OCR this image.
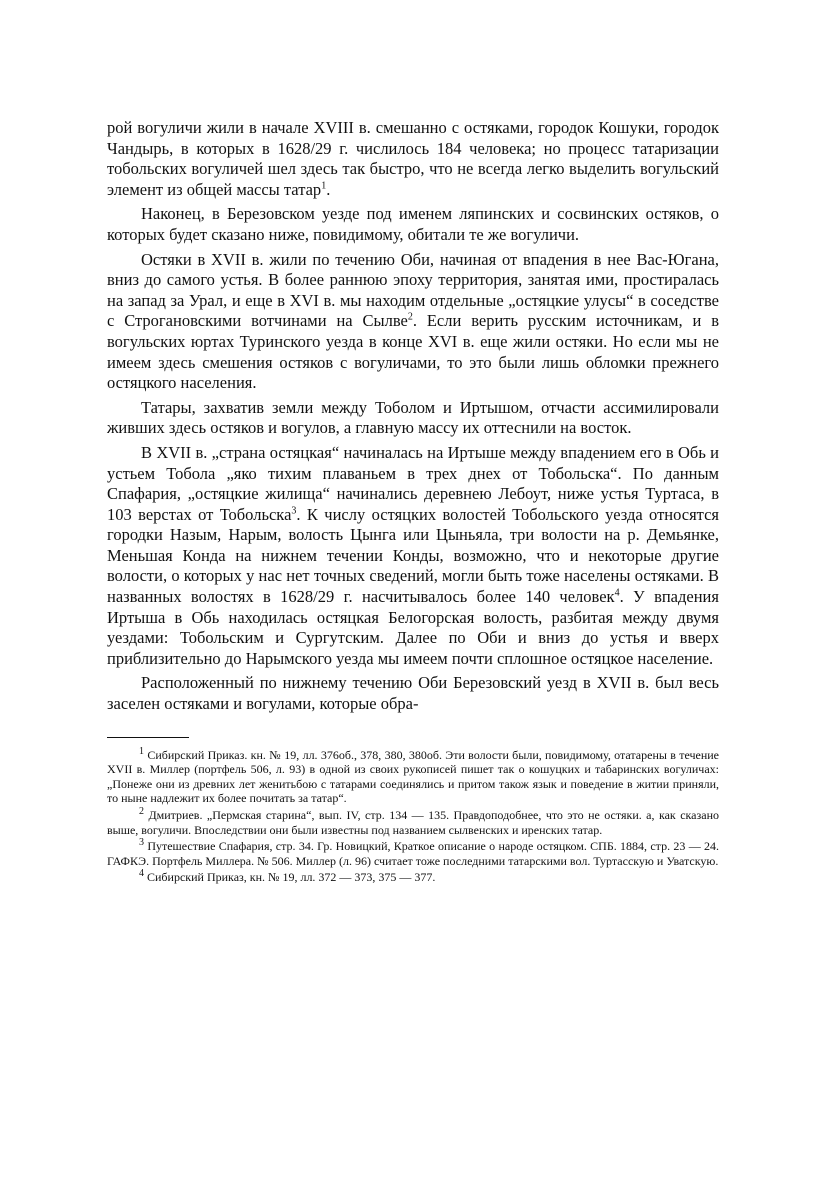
рой вогуличи жили в начале XVIII в. смешанно с остяками, городок Кошуки, городок Чандырь, в которых в 1628/29 г. числилось 184 человека; но процесс татаризации тобольских вогуличей шел здесь так быстро, что не всегда легко выделить вогульский элемент из общей массы татар$^1$.

Наконец, в Березовском уезде под именем ляпинских и сосвинских остяков, о которых будет сказано ниже, повидимому, обитали те же вогуличи.

Остяки в XVII в. жили по течению Оби, начиная от впадения в нее Вас-Югана, вниз до самого устья. В более раннюю эпоху территория, занятая ими, простиралась на запад за Урал, и еще в XVI в. мы находим отдельные „остяцкие улусы“ в соседстве с Строгановскими вотчинами на Сылве$^2$. Если верить русским источникам, и в вогульских юртах Туринского уезда в конце XVI в. еще жили остяки. Но если мы не имеем здесь смешения остяков с вогуличами, то это были лишь обломки прежнего остяцкого населения.

Татары, захватив земли между Тоболом и Иртышом, отчасти ассимилировали живших здесь остяков и вогулов, а главную массу их оттеснили на восток.

В XVII в. „страна остяцкая“ начиналась на Иртыше между впадением его в Обь и устьем Тобола „яко тихим плаваньем в трех днех от Тобольска“. По данным Спафария, „остяцкие жилища“ начинались деревнею Лебоут, ниже устья Туртаса, в 103 верстах от Тобольска$^3$. К числу остяцких волостей Тобольского уезда относятся городки Назым, Нарым, волость Цынга или Цыньяла, три волости на р. Демьянке, Меньшая Конда на нижнем течении Конды, возможно, что и некоторые другие волости, о которых у нас нет точных сведений, могли быть тоже населены остяками. В названных волостях в 1628/29 г. насчитывалось более 140 человек$^4$. У впадения Иртыша в Обь находилась остяцкая Белогорская волость, разбитая между двумя уездами: Тобольским и Сургутским. Далее по Оби и вниз до устья и вверх приблизительно до Нарымского уезда мы имеем почти сплошное остяцкое население.

Расположенный по нижнему течению Оби Березовский уезд в XVII в. был весь заселен остяками и вогулами, которые обра-

$^1$ Сибирский Приказ. кн. № 19, лл. 376об., 378, 380, 380об. Эти волости были, повидимому, отатарены в течение XVII в. Миллер (портфель 506, л. 93) в одной из своих рукописей пишет так о кошуцких и табаринских вогуличах: „Понеже они из древних лет женитьбою с татарами соединялись и притом також язык и поведение в житии приняли, то ныне надлежит их более почитать за татар“.

$^2$ Дмитриев. „Пермская старина“, вып. IV, стр. 134 — 135. Правдоподобнее, что это не остяки. а, как сказано выше, вогуличи. Впоследствии они были известны под названием сылвенских и иренских татар.

$^3$ Путешествие Спафария, стр. 34. Гр. Новицкий, Краткое описание о народе остяцком. СПБ. 1884, стр. 23 — 24. ГАФКЭ. Портфель Миллера. № 506. Миллер (л. 96) считает тоже последними татарскими вол. Туртасскую и Уватскую.

$^4$ Сибирский Приказ, кн. № 19, лл. 372 — 373, 375 — 377.
